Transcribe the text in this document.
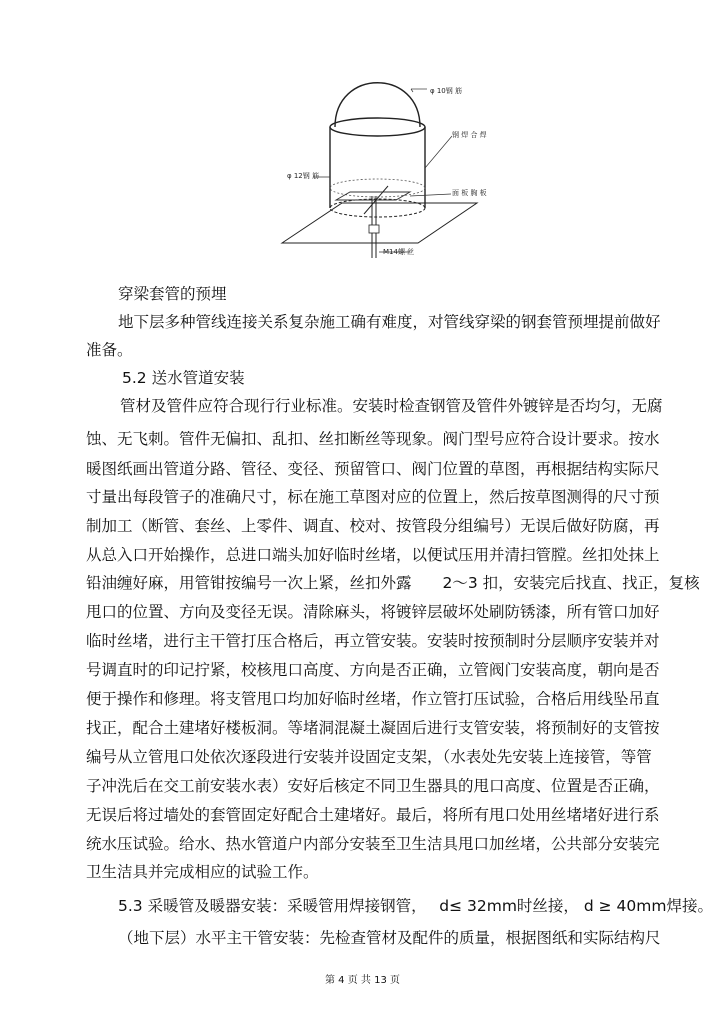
φ 10钢 筋
钢 焊 合 焊
φ 12钢 筋
面 板 胸 板
M14螺 丝
穿梁套管的预埋
地下层多种管线连接关系复杂施工确有难度，对管线穿梁的钢套管预埋提前做好
准备。
5.2 送水管道安装
管材及管件应符合现行行业标准。安装时检查钢管及管件外镀锌是否均匀，无腐
蚀、无飞刺。管件无偏扣、乱扣、丝扣断丝等现象。阀门型号应符合设计要求。按水
暖图纸画出管道分路、管径、变径、预留管口、阀门位置的草图，再根据结构实际尺
寸量出每段管子的准确尺寸，标在施工草图对应的位置上，然后按草图测得的尺寸预
制加工（断管、套丝、上零件、调直、校对、按管段分组编号）无误后做好防腐，再
从总入口开始操作，总进口端头加好临时丝堵，以便试压用并清扫管膛。丝扣处抹上
铅油缠好麻，用管钳按编号一次上紧，丝扣外露　　2～3 扣，安装完后找直、找正，复核
甩口的位置、方向及变径无误。清除麻头，将镀锌层破坏处刷防锈漆，所有管口加好
临时丝堵，进行主干管打压合格后，再立管安装。安装时按预制时分层顺序安装并对
号调直时的印记拧紧，校核甩口高度、方向是否正确，立管阀门安装高度，朝向是否
便于操作和修理。将支管甩口均加好临时丝堵，作立管打压试验，合格后用线坠吊直
找正，配合土建堵好楼板洞。等堵洞混凝土凝固后进行支管安装，将预制好的支管按
编号从立管甩口处依次逐段进行安装并设固定支架，（水表处先安装上连接管，等管
子冲洗后在交工前安装水表）安好后核定不同卫生器具的甩口高度、位置是否正确，
无误后将过墙处的套管固定好配合土建堵好。最后，将所有甩口处用丝堵堵好进行系
统水压试验。给水、热水管道户内部分安装至卫生洁具甩口加丝堵，公共部分安装完
卫生洁具并完成相应的试验工作。
5.3 采暖管及暖器安装：采暖管用焊接钢管，　 d≤ 32mm时丝接， d ≥ 40mm焊接。
（地下层）水平主干管安装：先检查管材及配件的质量，根据图纸和实际结构尺
第 4 页 共 13 页
